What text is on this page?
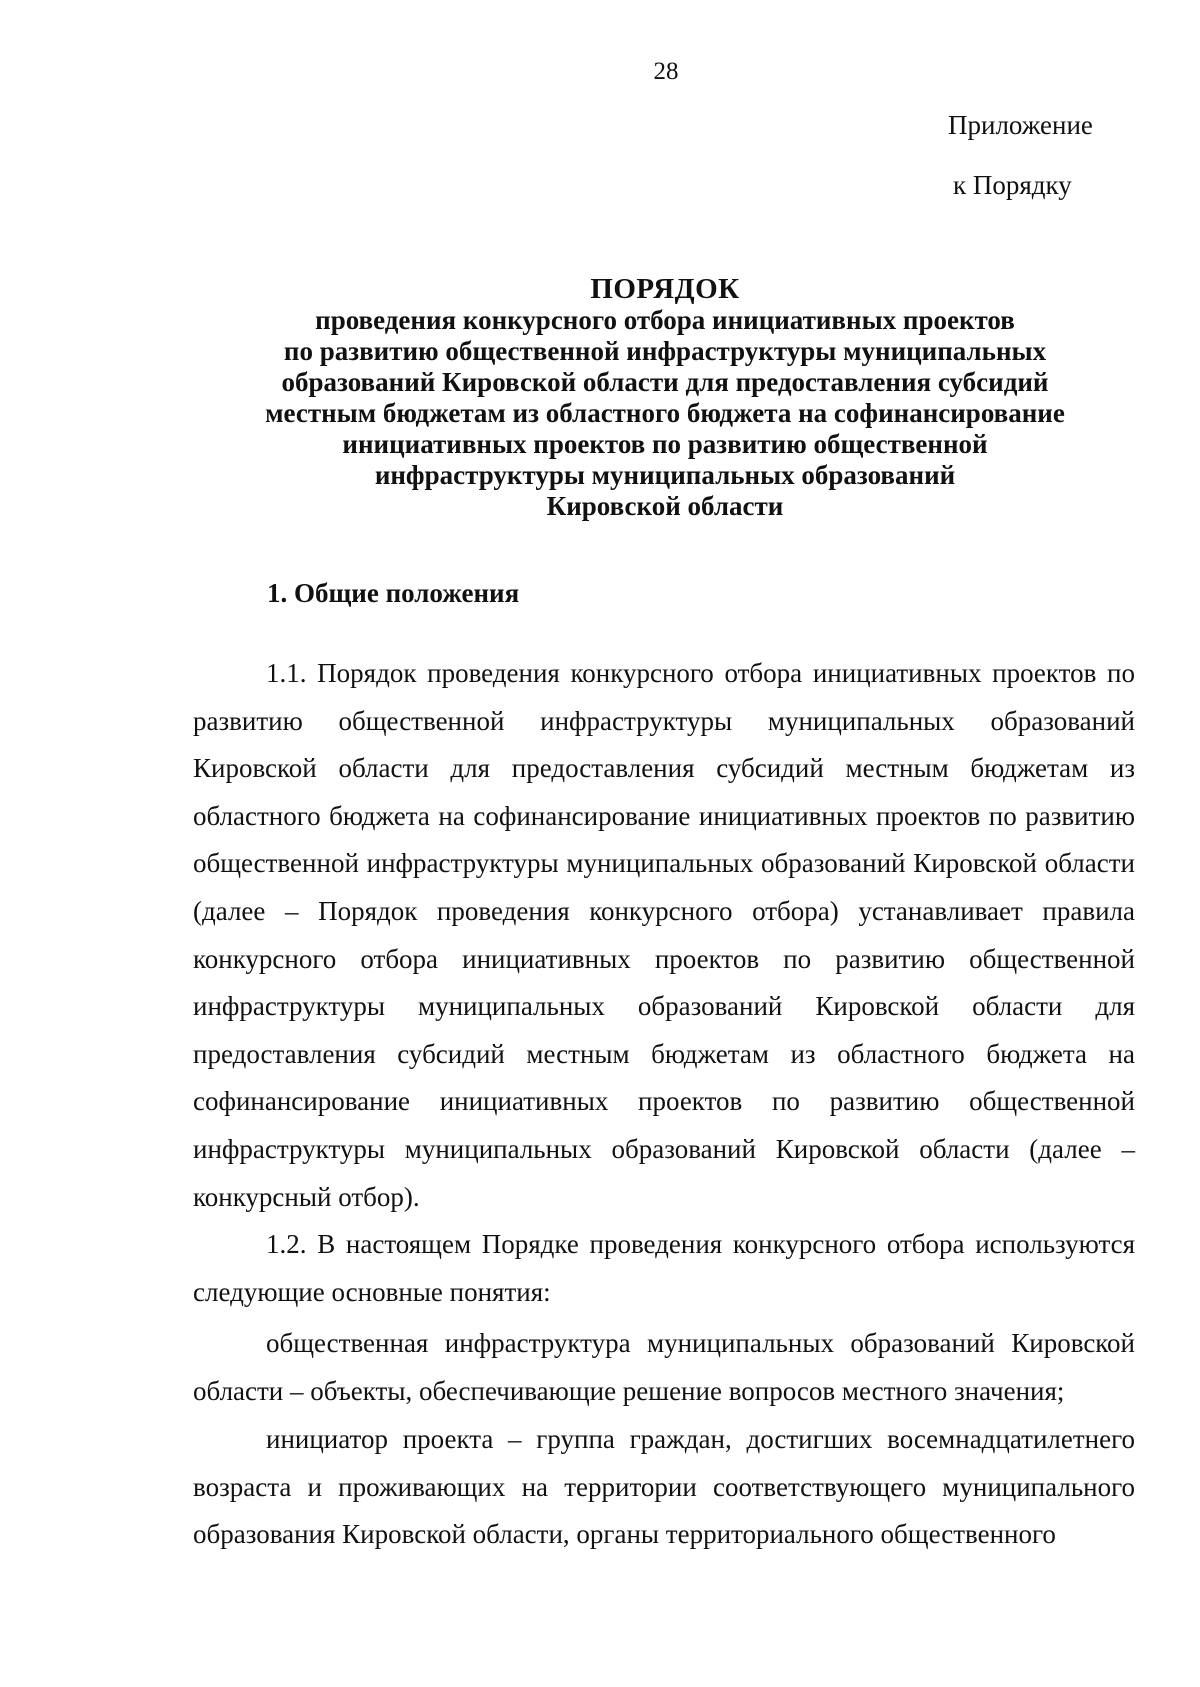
28
Приложение
к Порядку
ПОРЯДОК
проведения конкурсного отбора инициативных проектов
по развитию общественной инфраструктуры муниципальных
образований Кировской области для предоставления субсидий
местным бюджетам из областного бюджета на софинансирование
инициативных проектов по развитию общественной
инфраструктуры муниципальных образований
Кировской области
1. Общие положения

1.1. Порядок проведения конкурсного отбора инициативных проектов по развитию общественной инфраструктуры муниципальных образований Кировской области для предоставления субсидий местным бюджетам из областного бюджета на софинансирование инициативных проектов по развитию общественной инфраструктуры муниципальных образований Кировской области (далее – Порядок проведения конкурсного отбора) устанавливает правила конкурсного отбора инициативных проектов по развитию общественной инфраструктуры муниципальных образований Кировской области для предоставления субсидий местным бюджетам из областного бюджета на софинансирование инициативных проектов по развитию общественной инфраструктуры муниципальных образований Кировской области (далее – конкурсный отбор).

1.2. В настоящем Порядке проведения конкурсного отбора используются следующие основные понятия:

общественная инфраструктура муниципальных образований Кировской области – объекты, обеспечивающие решение вопросов местного значения;

инициатор проекта – группа граждан, достигших восемнадцатилетнего возраста и проживающих на территории соответствующего муниципального образования Кировской области, органы территориального общественного
